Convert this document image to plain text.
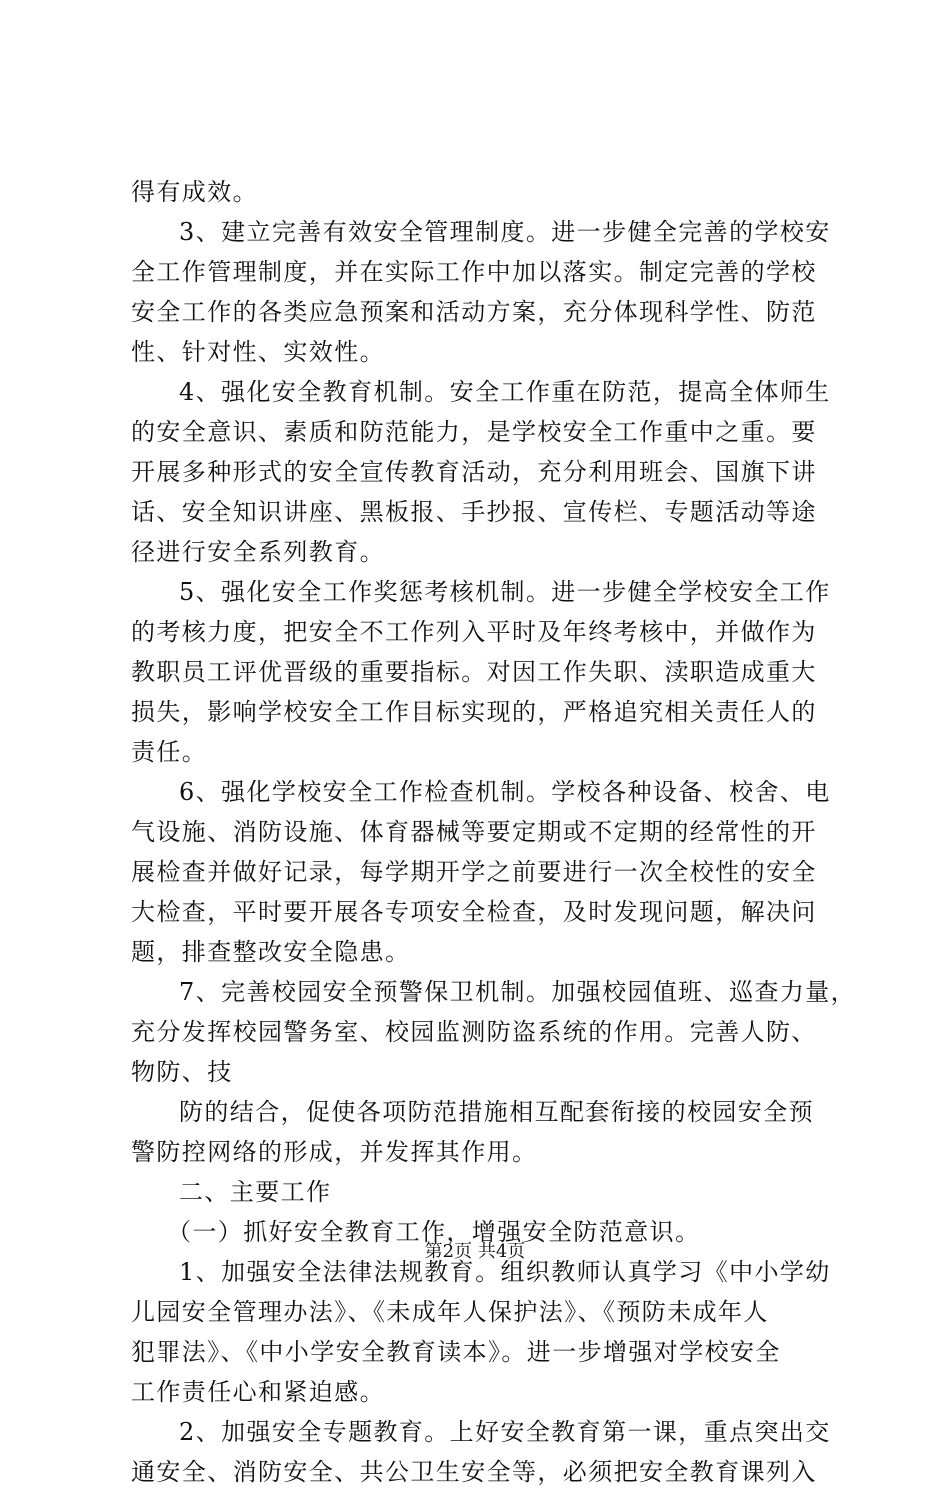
得有成效。
3、建立完善有效安全管理制度。进一步健全完善的学校安
全工作管理制度，并在实际工作中加以落实。制定完善的学校
安全工作的各类应急预案和活动方案，充分体现科学性、防范
性、针对性、实效性。
4、强化安全教育机制。安全工作重在防范，提高全体师生
的安全意识、素质和防范能力，是学校安全工作重中之重。要
开展多种形式的安全宣传教育活动，充分利用班会、国旗下讲
话、安全知识讲座、黑板报、手抄报、宣传栏、专题活动等途
径进行安全系列教育。
5、强化安全工作奖惩考核机制。进一步健全学校安全工作
的考核力度，把安全不工作列入平时及年终考核中，并做作为
教职员工评优晋级的重要指标。对因工作失职、渎职造成重大
损失，影响学校安全工作目标实现的，严格追究相关责任人的
责任。
6、强化学校安全工作检查机制。学校各种设备、校舍、电
气设施、消防设施、体育器械等要定期或不定期的经常性的开
展检查并做好记录，每学期开学之前要进行一次全校性的安全
大检查，平时要开展各专项安全检查，及时发现问题，解决问
题，排查整改安全隐患。
7、完善校园安全预警保卫机制。加强校园值班、巡查力量，
充分发挥校园警务室、校园监测防盗系统的作用。完善人防、
物防、技
防的结合，促使各项防范措施相互配套衔接的校园安全预
警防控网络的形成，并发挥其作用。
二、主要工作
（一）抓好安全教育工作，增强安全防范意识。
1、加强安全法律法规教育。组织教师认真学习《中小学幼
儿园安全管理办法》、《未成年人保护法》、《预防未成年人
犯罪法》、《中小学安全教育读本》。进一步增强对学校安全
工作责任心和紧迫感。
2、加强安全专题教育。上好安全教育第一课，重点突出交
通安全、消防安全、共公卫生安全等，必须把安全教育课列入
第2页 共4页
